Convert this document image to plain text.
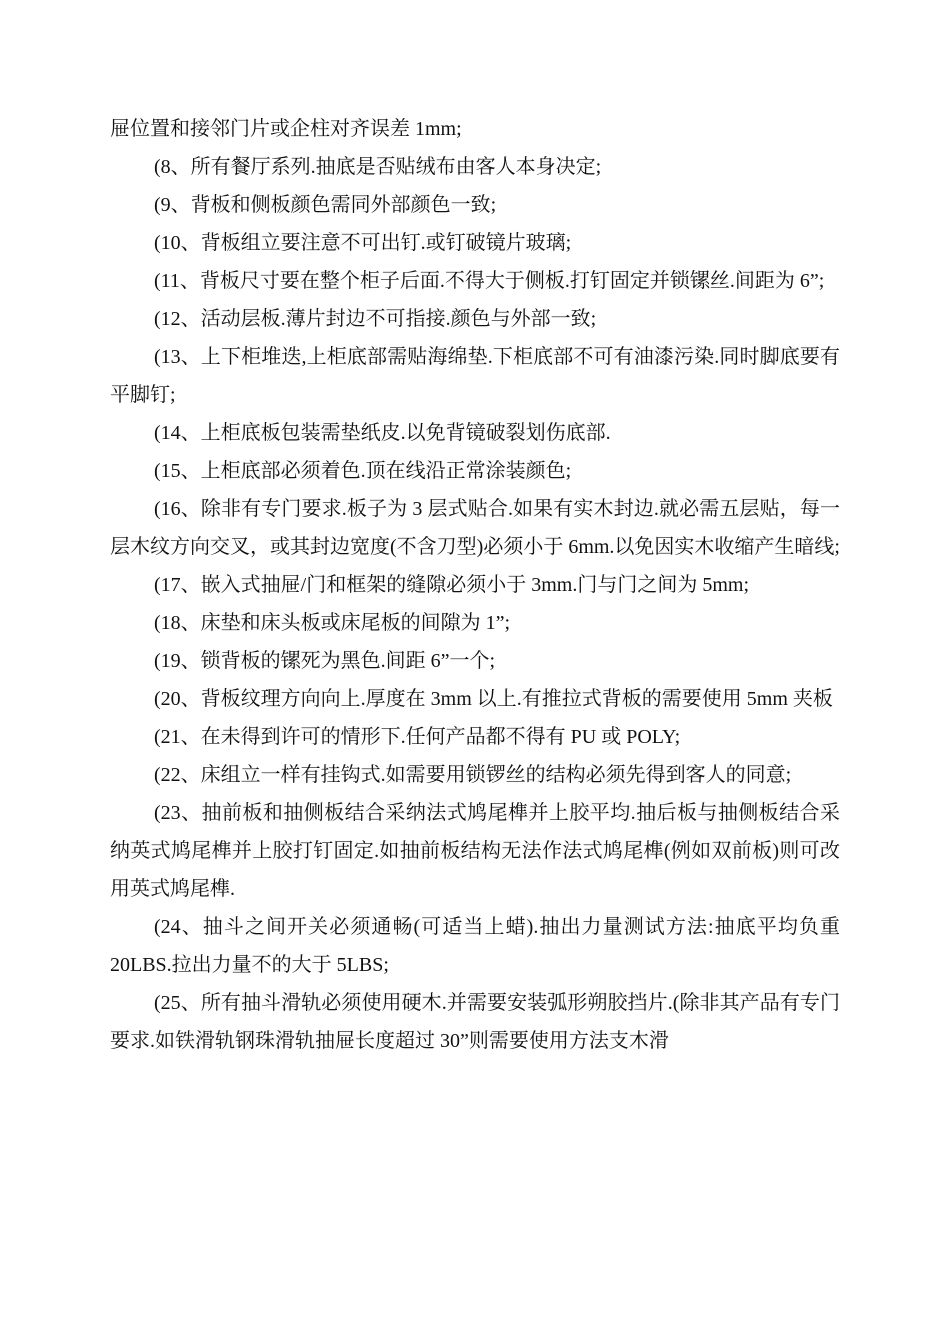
屉位置和接邻门片或企柱对齐误差 1mm;

(8、所有餐厅系列.抽底是否贴绒布由客人本身决定;

(9、背板和侧板颜色需同外部颜色一致;

(10、背板组立要注意不可出钉.或钉破镜片玻璃;

(11、背板尺寸要在整个柜子后面.不得大于侧板.打钉固定并锁镙丝.间距为 6”;

(12、活动层板.薄片封边不可指接.颜色与外部一致;

(13、上下柜堆迭,上柜底部需贴海绵垫.下柜底部不可有油漆污染.同时脚底要有平脚钉;

(14、上柜底板包装需垫纸皮.以免背镜破裂划伤底部.

(15、上柜底部必须着色.顶在线沿正常涂装颜色;

(16、除非有专门要求.板子为 3 层式贴合.如果有实木封边.就必需五层贴，每一层木纹方向交叉，或其封边宽度(不含刀型)必须小于 6mm.以免因实木收缩产生暗线;

(17、嵌入式抽屉/门和框架的缝隙必须小于 3mm.门与门之间为 5mm;

(18、床垫和床头板或床尾板的间隙为 1”;

(19、锁背板的镙死为黑色.间距 6”一个;

(20、背板纹理方向向上.厚度在 3mm 以上.有推拉式背板的需要使用 5mm 夹板

(21、在未得到许可的情形下.任何产品都不得有 PU 或 POLY;

(22、床组立一样有挂钩式.如需要用锁锣丝的结构必须先得到客人的同意;

(23、抽前板和抽侧板结合采纳法式鸠尾榫并上胶平均.抽后板与抽侧板结合采纳英式鸠尾榫并上胶打钉固定.如抽前板结构无法作法式鸠尾榫(例如双前板)则可改用英式鸠尾榫.

(24、抽斗之间开关必须通畅(可适当上蜡).抽出力量测试方法:抽底平均负重 20LBS.拉出力量不的大于 5LBS;

(25、所有抽斗滑轨必须使用硬木.并需要安装弧形朔胶挡片.(除非其产品有专门要求.如铁滑轨钢珠滑轨抽屉长度超过 30”则需要使用方法支木滑
